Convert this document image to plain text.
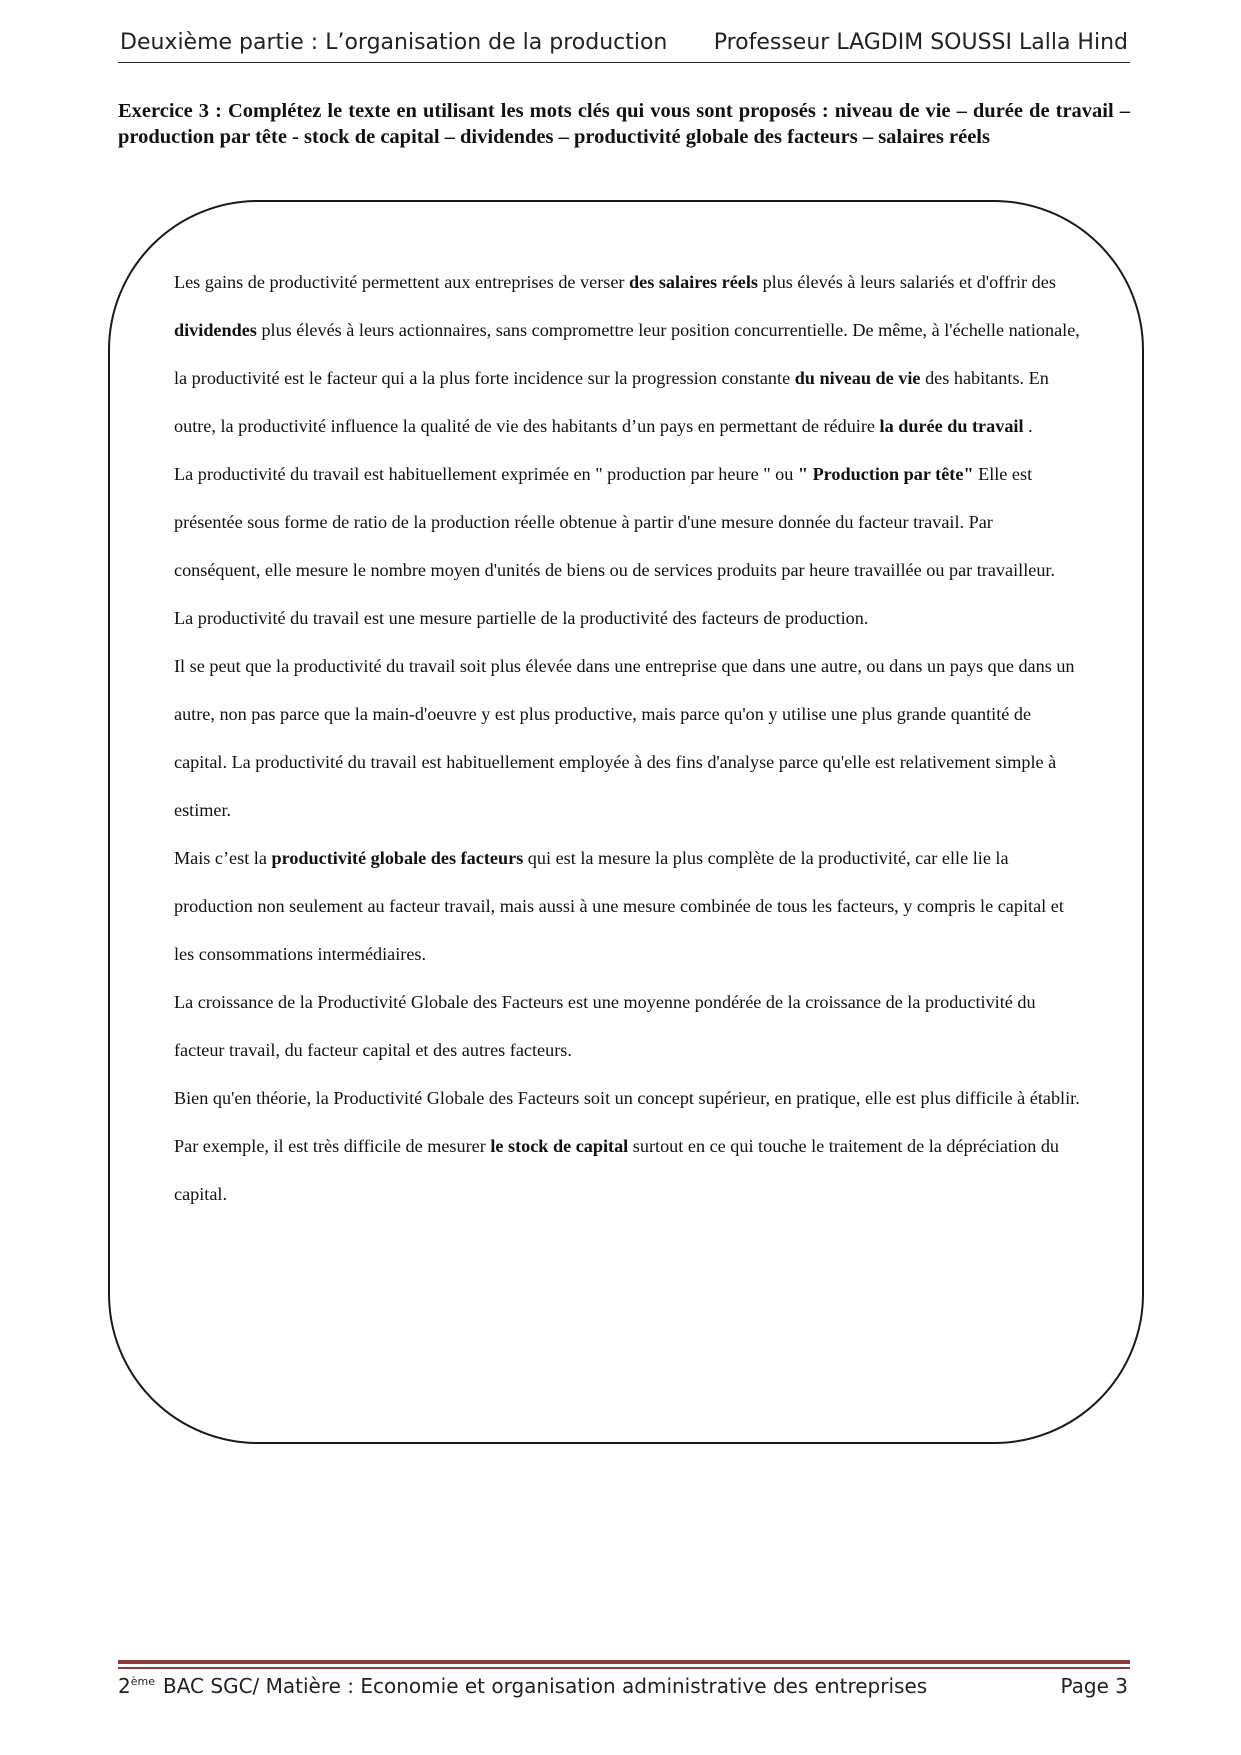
Deuxième partie : L’organisation de la production Professeur LAGDIM SOUSSI Lalla Hind

Exercice 3 : Complétez le texte en utilisant les mots clés qui vous sont proposés : niveau de vie – durée de travail – production par tête - stock de capital – dividendes – productivité globale des facteurs – salaires réels

Les gains de productivité permettent aux entreprises de verser des salaires réels plus élevés à leurs salariés et d'offrir des dividendes plus élevés à leurs actionnaires, sans compromettre leur position concurrentielle. De même, à l'échelle nationale, la productivité est le facteur qui a la plus forte incidence sur la progression constante du niveau de vie des habitants. En outre, la productivité influence la qualité de vie des habitants d’un pays en permettant de réduire la durée du travail .

La productivité du travail est habituellement exprimée en " production par heure " ou " Production par tête" Elle est présentée sous forme de ratio de la production réelle obtenue à partir d'une mesure donnée du facteur travail. Par conséquent, elle mesure le nombre moyen d'unités de biens ou de services produits par heure travaillée ou par travailleur.

La productivité du travail est une mesure partielle de la productivité des facteurs de production.

Il se peut que la productivité du travail soit plus élevée dans une entreprise que dans une autre, ou dans un pays que dans un autre, non pas parce que la main-d'oeuvre y est plus productive, mais parce qu'on y utilise une plus grande quantité de capital. La productivité du travail est habituellement employée à des fins d'analyse parce qu'elle est relativement simple à estimer.

Mais c’est la productivité globale des facteurs qui est la mesure la plus complète de la productivité, car elle lie la production non seulement au facteur travail, mais aussi à une mesure combinée de tous les facteurs, y compris le capital et les consommations intermédiaires.

La croissance de la Productivité Globale des Facteurs est une moyenne pondérée de la croissance de la productivité du facteur travail, du facteur capital et des autres facteurs.

Bien qu'en théorie, la Productivité Globale des Facteurs soit un concept supérieur, en pratique, elle est plus difficile à établir.

Par exemple, il est très difficile de mesurer le stock de capital surtout en ce qui touche le traitement de la dépréciation du capital.

2ème BAC SGC/ Matière : Economie et organisation administrative des entreprises	Page 3
